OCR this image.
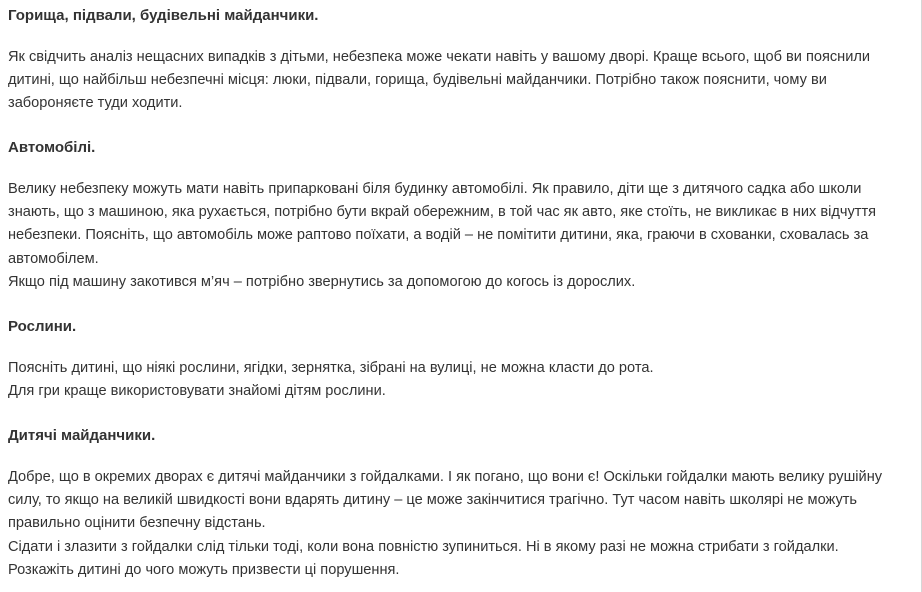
Горища, підвали, будівельні майданчики.

Як свідчить аналіз нещасних випадків з дітьми, небезпека може чекати навіть у вашому дворі. Краще всього, щоб ви пояснили
дитині, що найбільш небезпечні місця: люки, підвали, горища, будівельні майданчики. Потрібно також пояснити, чому ви
забороняєте туди ходити.

Автомобілі.

Велику небезпеку можуть мати навіть припарковані біля будинку автомобілі. Як правило, діти ще з дитячого садка або школи
знають, що з машиною, яка рухається, потрібно бути вкрай обережним, в той час як авто, яке стоїть, не викликає в них відчуття
небезпеки. Поясніть, що автомобіль може раптово поїхати, а водій – не помітити дитини, яка, граючи в схованки, сховалась за
автомобілем.
Якщо під машину закотився м’яч – потрібно звернутись за допомогою до когось із дорослих.

Рослини.

Поясніть дитині, що ніякі рослини, ягідки, зернятка, зібрані на вулиці, не можна класти до рота.
Для гри краще використовувати знайомі дітям рослини.

Дитячі майданчики.

Добре, що в окремих дворах є дитячі майданчики з гойдалками. І як погано, що вони є! Оскільки гойдалки мають велику рушійну
силу, то якщо на великій швидкості вони вдарять дитину – це може закінчитися трагічно. Тут часом навіть школярі не можуть
правильно оцінити безпечну відстань.
Сідати і злазити з гойдалки слід тільки тоді, коли вона повністю зупиниться. Ні в якому разі не можна стрибати з гойдалки.
Розкажіть дитині до чого можуть призвести ці порушення.
